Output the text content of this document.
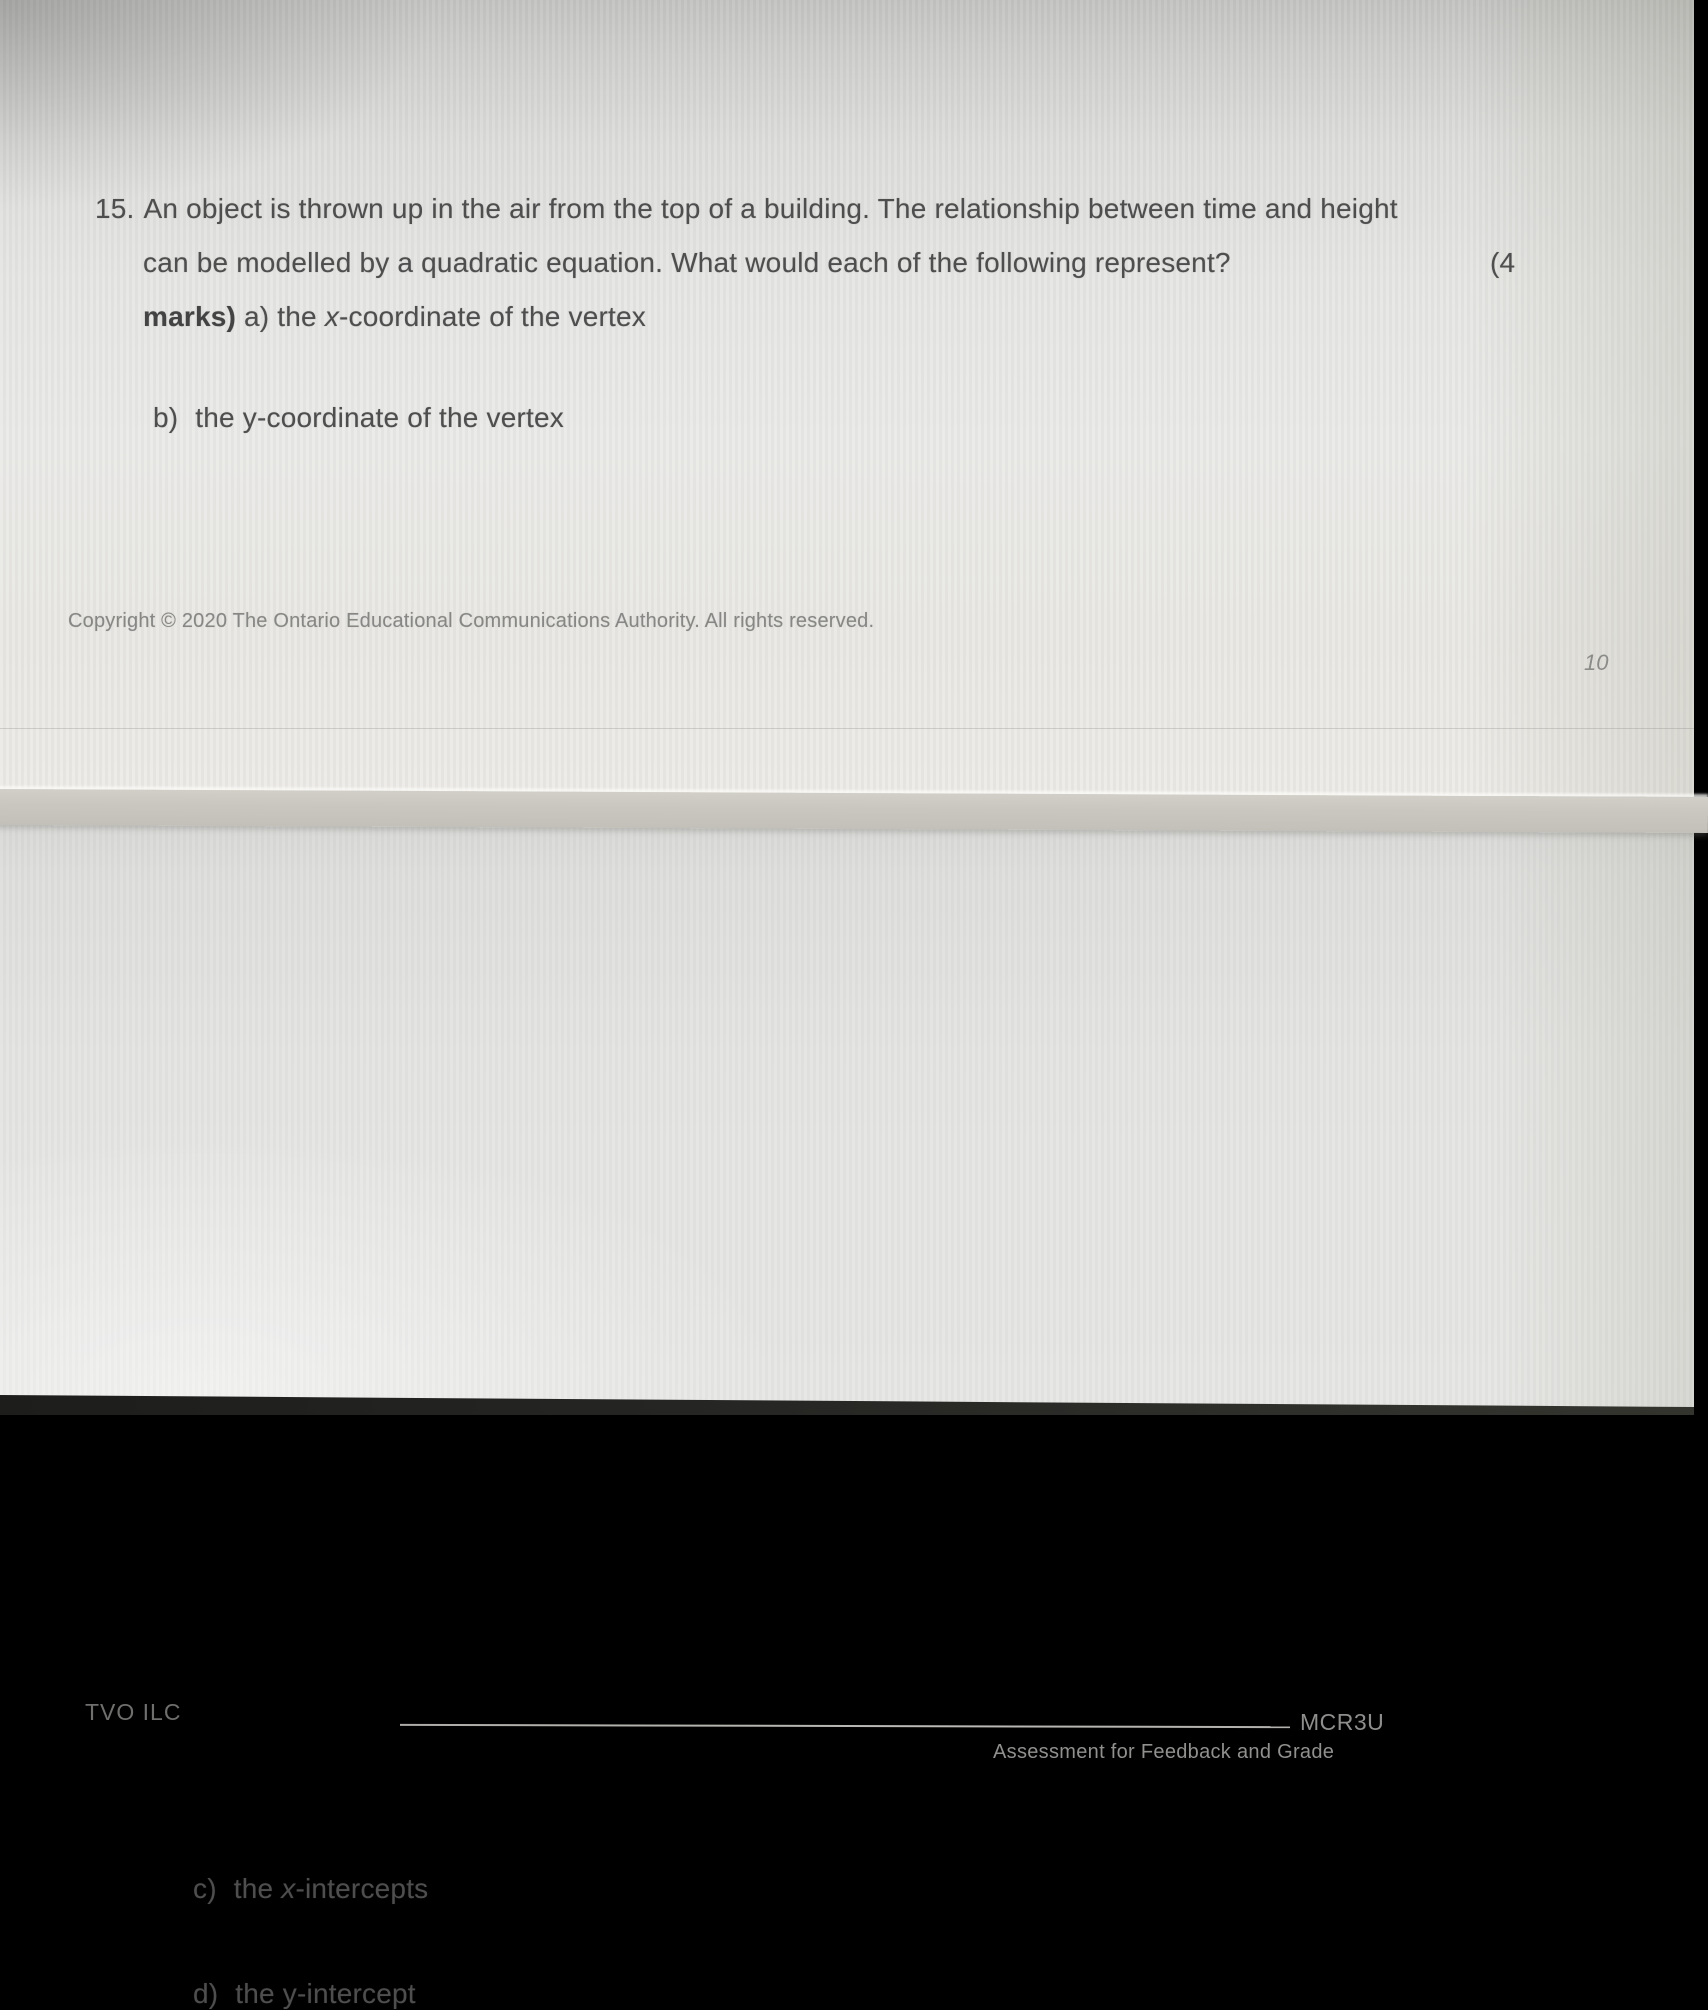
15. An object is thrown up in the air from the top of a building. The relationship between time and height
can be modelled by a quadratic equation. What would each of the following represent?	(4
marks) a) the x-coordinate of the vertex
b) the y-coordinate of the vertex
Copyright © 2020 The Ontario Educational Communications Authority. All rights reserved.
10
TVO ILC	MCR3U
Assessment for Feedback and Grade
c) the x-intercepts
d) the y-intercept
